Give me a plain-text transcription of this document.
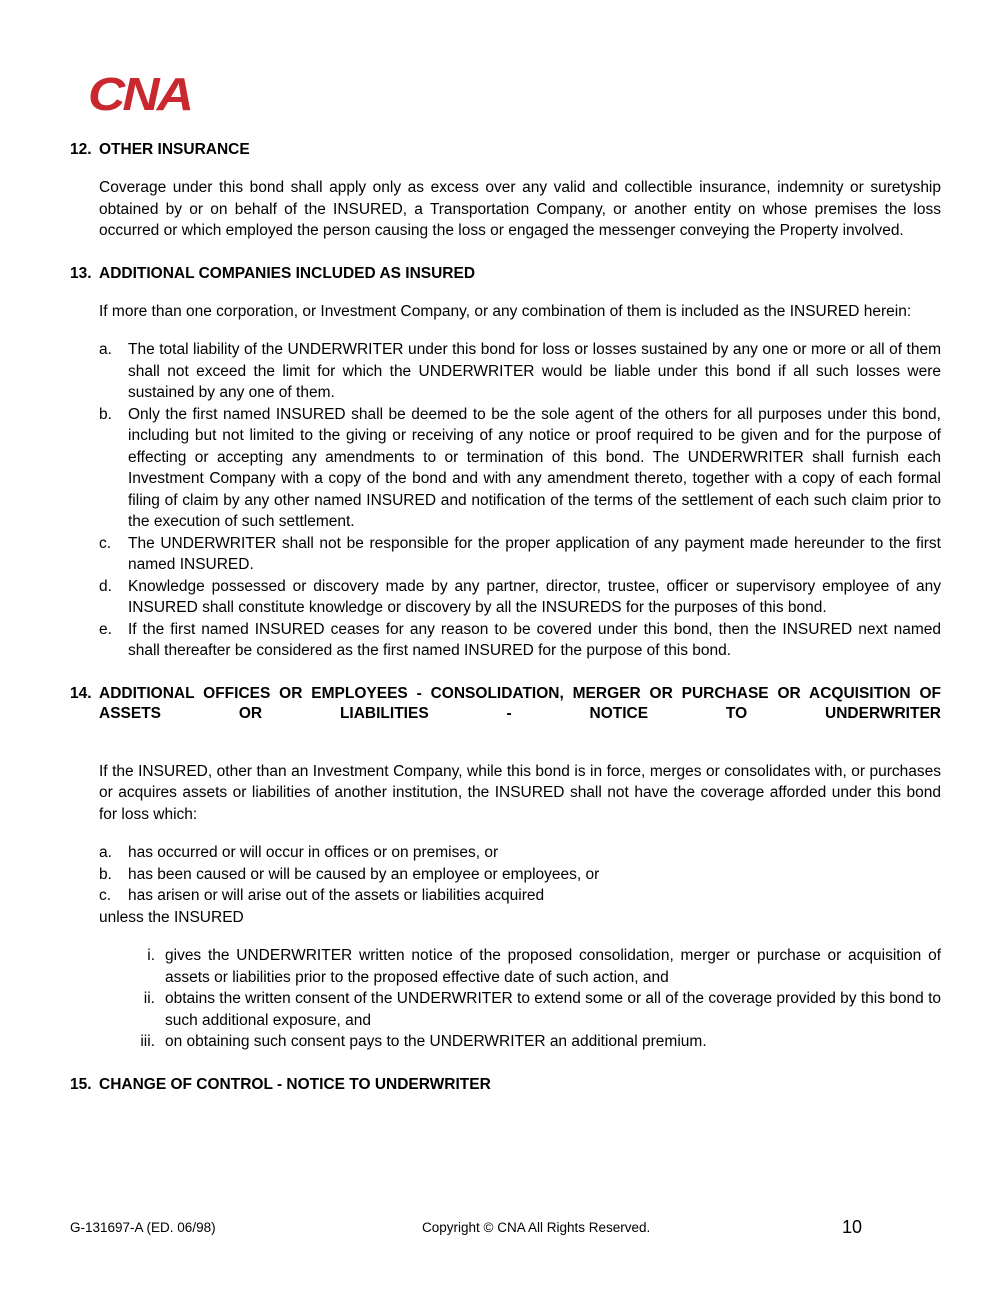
CNA
12. OTHER INSURANCE

Coverage under this bond shall apply only as excess over any valid and collectible insurance, indemnity or suretyship obtained by or on behalf of the INSURED, a Transportation Company, or another entity on whose premises the loss occurred or which employed the person causing the loss or engaged the messenger conveying the Property involved.

13. ADDITIONAL COMPANIES INCLUDED AS INSURED

If more than one corporation, or Investment Company, or any combination of them is included as the INSURED herein:

a.	The total liability of the UNDERWRITER under this bond for loss or losses sustained by any one or more or all of them shall not exceed the limit for which the UNDERWRITER would be liable under this bond if all such losses were sustained by any one of them.
b.	Only the first named INSURED shall be deemed to be the sole agent of the others for all purposes under this bond, including but not limited to the giving or receiving of any notice or proof required to be given and for the purpose of effecting or accepting any amendments to or termination of this bond. The UNDERWRITER shall furnish each Investment Company with a copy of the bond and with any amendment thereto, together with a copy of each formal filing of claim by any other named INSURED and notification of the terms of the settlement of each such claim prior to the execution of such settlement.
c.	The UNDERWRITER shall not be responsible for the proper application of any payment made hereunder to the first named INSURED.
d.	Knowledge possessed or discovery made by any partner, director, trustee, officer or supervisory employee of any INSURED shall constitute knowledge or discovery by all the INSUREDS for the purposes of this bond.
e.	If the first named INSURED ceases for any reason to be covered under this bond, then the INSURED next named shall thereafter be considered as the first named INSURED for the purpose of this bond.
14. ADDITIONAL OFFICES OR EMPLOYEES - CONSOLIDATION, MERGER OR PURCHASE OR ACQUISITION OF ASSETS OR LIABILITIES - NOTICE TO UNDERWRITER

If the INSURED, other than an Investment Company, while this bond is in force, merges or consolidates with, or purchases or acquires assets or liabilities of another institution, the INSURED shall not have the coverage afforded under this bond for loss which:

a.	has occurred or will occur in offices or on premises, or
b.	has been caused or will be caused by an employee or employees, or
c.	has arisen or will arise out of the assets or liabilities acquired

unless the INSURED

i. gives the UNDERWRITER written notice of the proposed consolidation, merger or purchase or acquisition of assets or liabilities prior to the proposed effective date of such action, and
ii. obtains the written consent of the UNDERWRITER to extend some or all of the coverage provided by this bond to such additional exposure, and
iii. on obtaining such consent pays to the UNDERWRITER an additional premium.
15. CHANGE OF CONTROL - NOTICE TO UNDERWRITER
G-131697-A (ED. 06/98)	Copyright © CNA All Rights Reserved.	10
